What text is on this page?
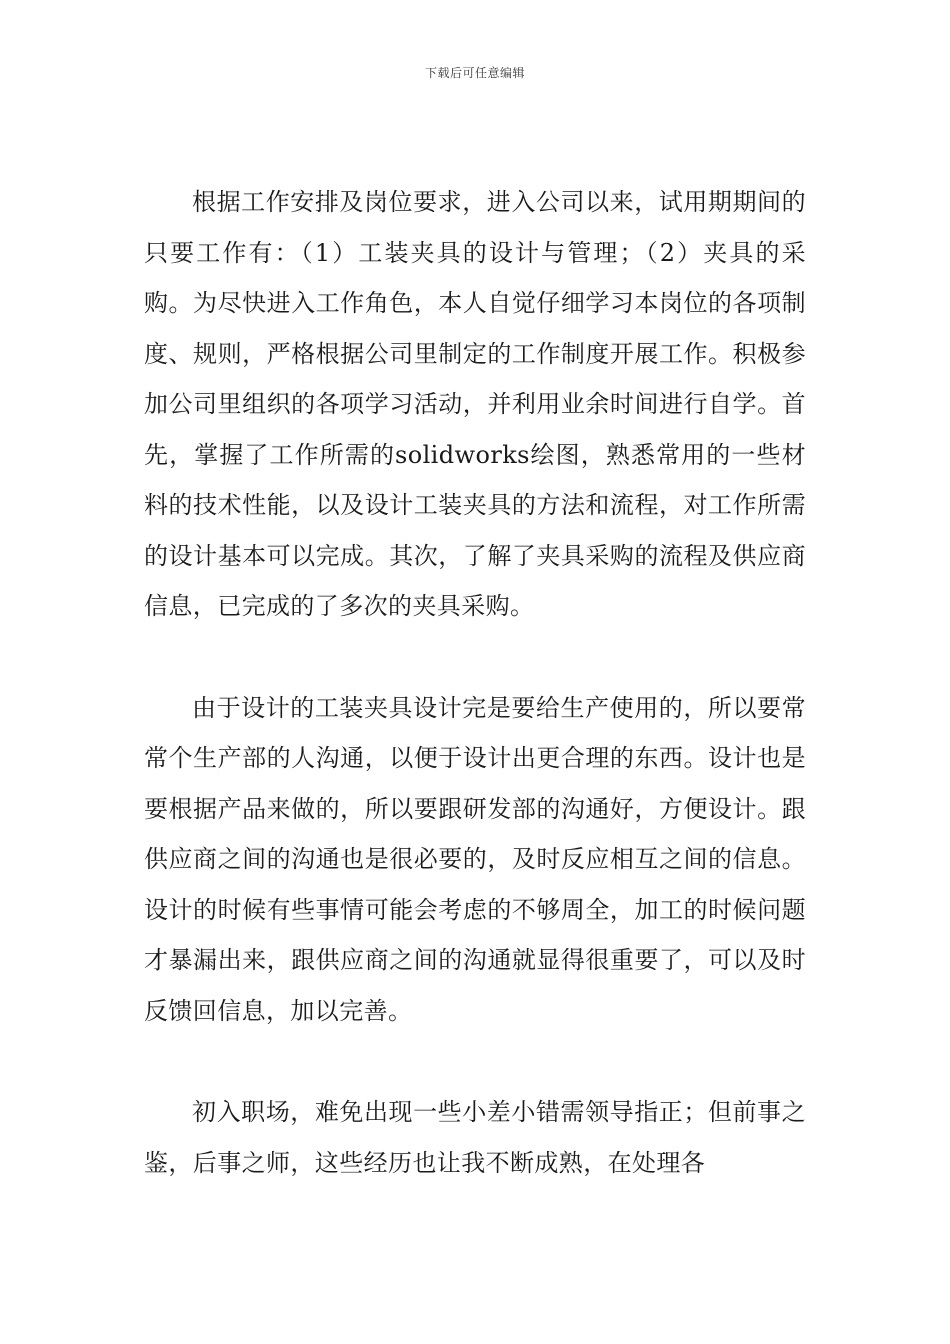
下载后可任意编辑

根据工作安排及岗位要求，进入公司以来，试用期期间的只要工作有：（1）工装夹具的设计与管理；（2）夹具的采购。为尽快进入工作角色，本人自觉仔细学习本岗位的各项制度、规则，严格根据公司里制定的工作制度开展工作。积极参加公司里组织的各项学习活动，并利用业余时间进行自学。首先，掌握了工作所需的solidworks绘图，熟悉常用的一些材料的技术性能，以及设计工装夹具的方法和流程，对工作所需的设计基本可以完成。其次，了解了夹具采购的流程及供应商信息，已完成的了多次的夹具采购。

由于设计的工装夹具设计完是要给生产使用的，所以要常常个生产部的人沟通，以便于设计出更合理的东西。设计也是要根据产品来做的，所以要跟研发部的沟通好，方便设计。跟供应商之间的沟通也是很必要的，及时反应相互之间的信息。设计的时候有些事情可能会考虑的不够周全，加工的时候问题才暴漏出来，跟供应商之间的沟通就显得很重要了，可以及时反馈回信息，加以完善。

初入职场，难免出现一些小差小错需领导指正；但前事之鉴，后事之师，这些经历也让我不断成熟，在处理各
